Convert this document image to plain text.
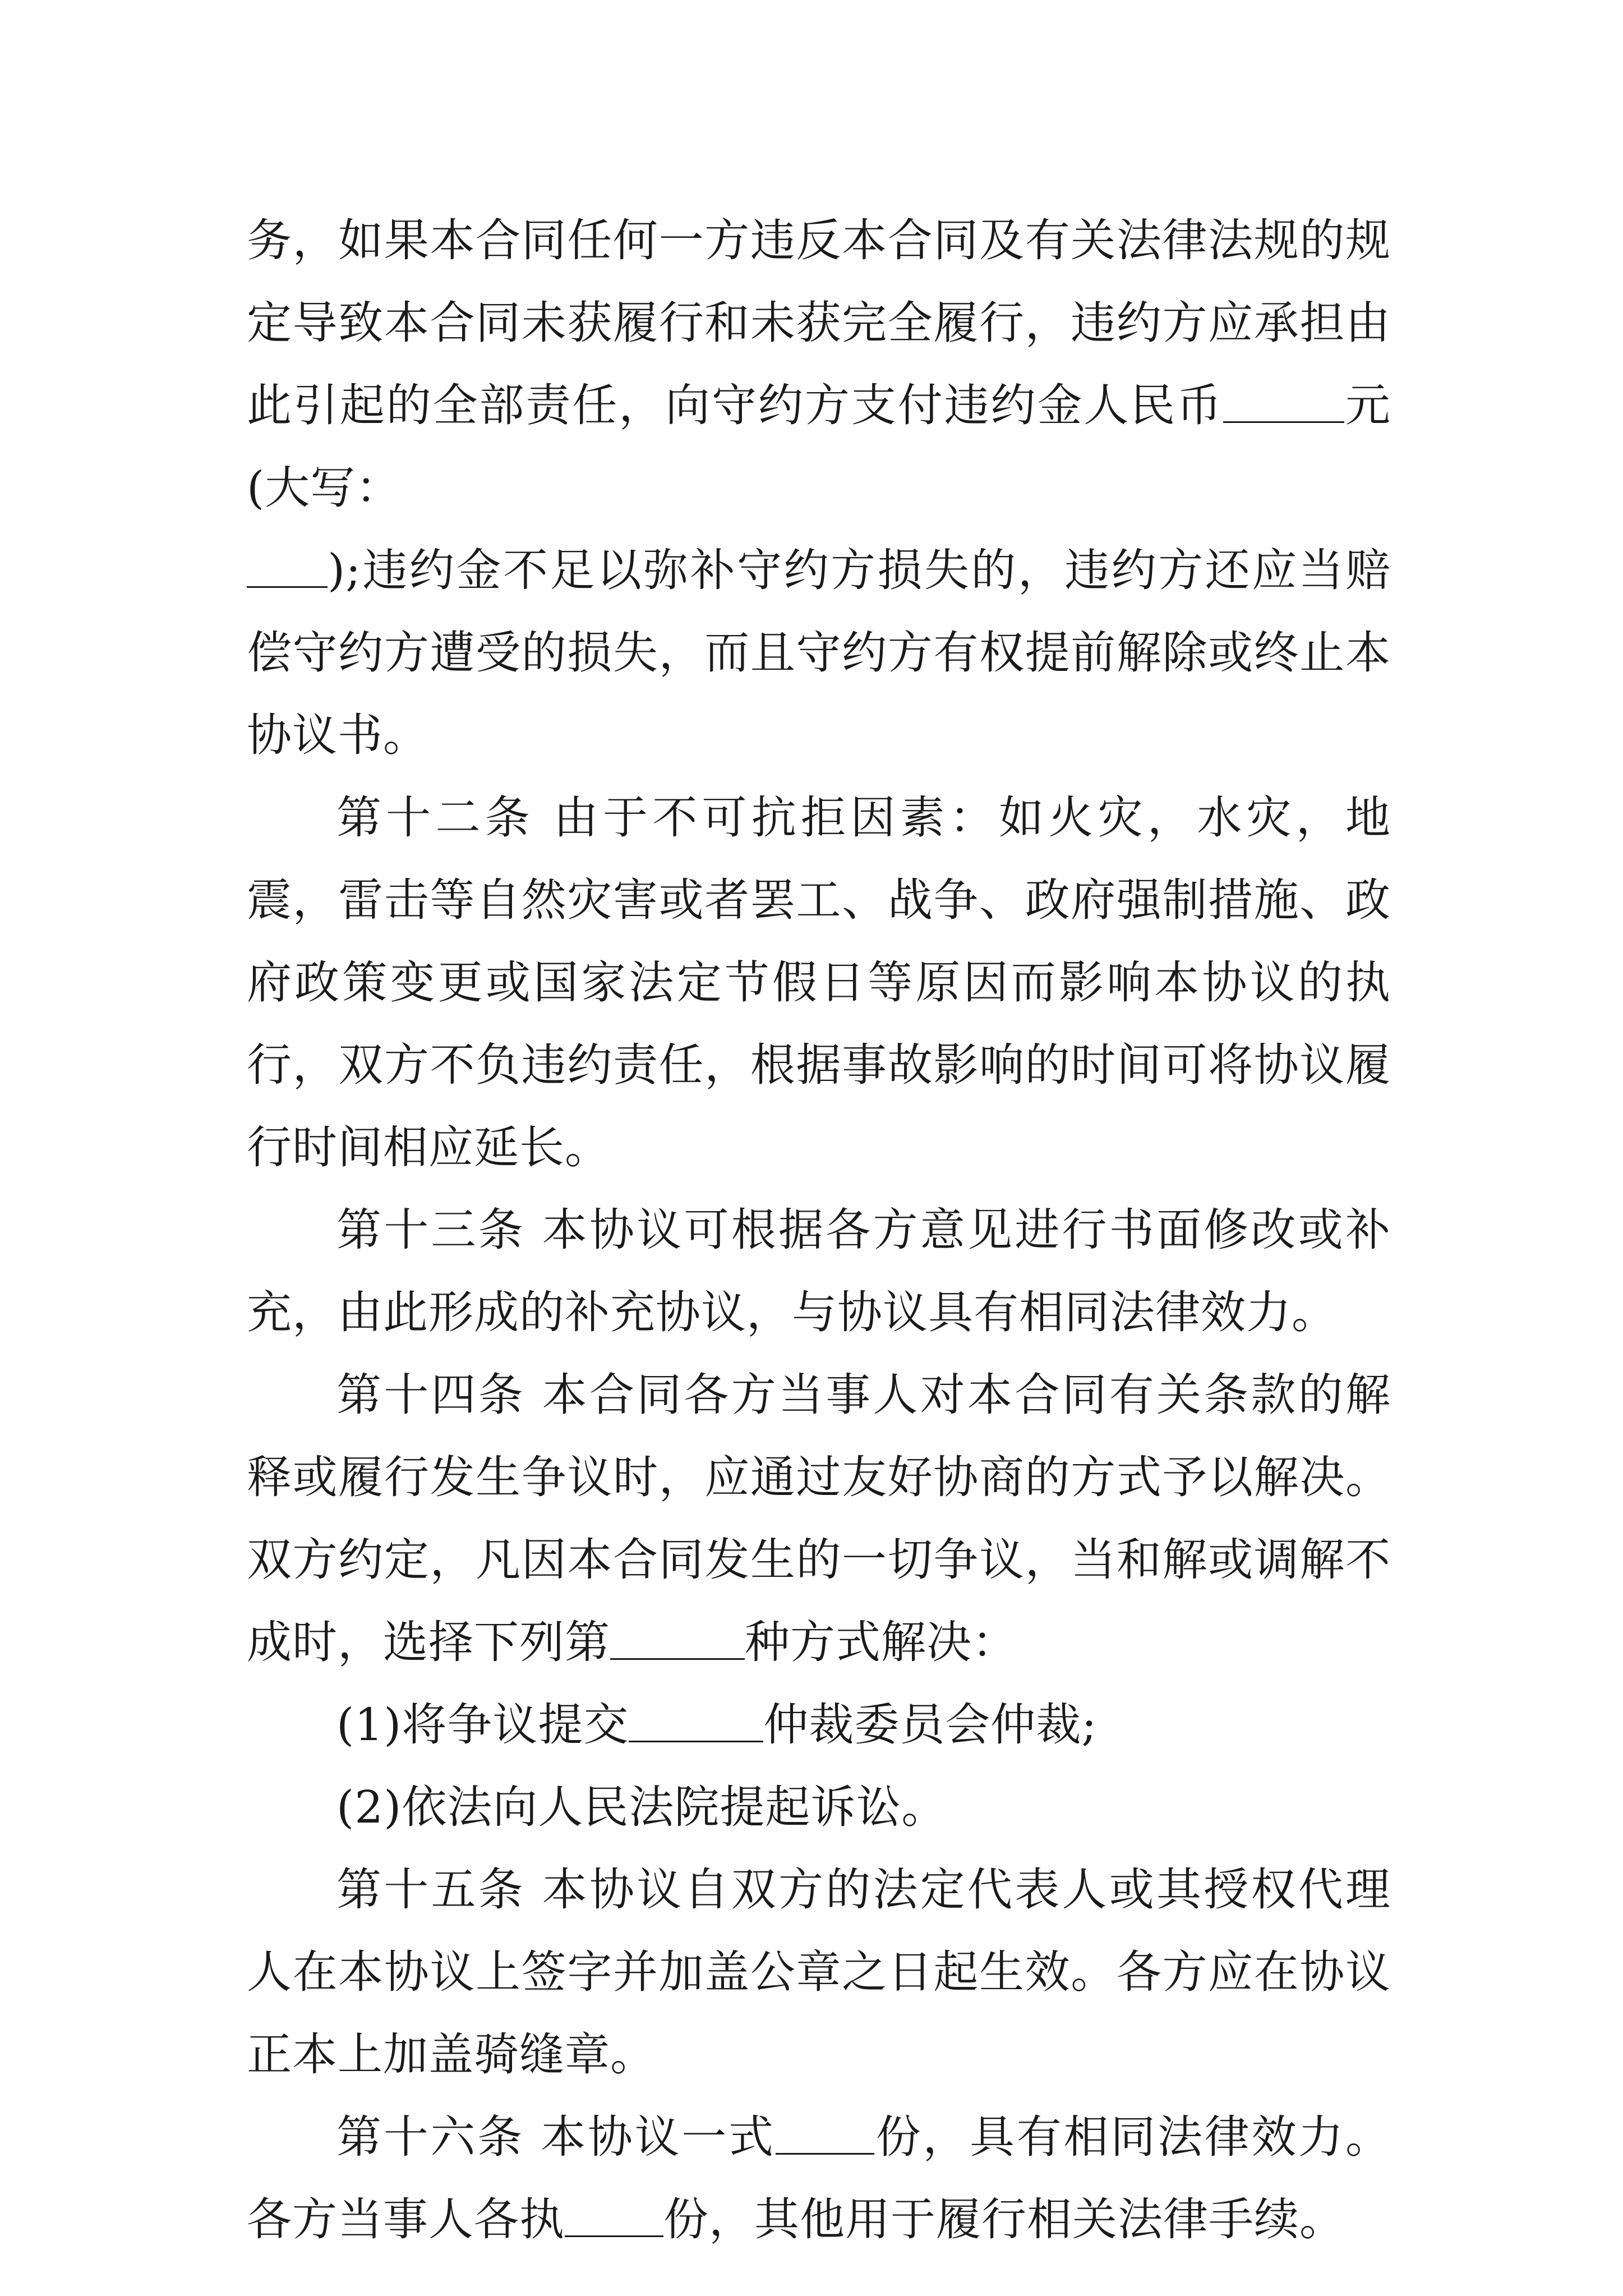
务，如果本合同任何一方违反本合同及有关法律法规的规定导致本合同未获履行和未获完全履行，违约方应承担由此引起的全部责任，向守约方支付违约金人民币	元(大写：
);违约金不足以弥补守约方损失的，违约方还应当赔偿守约方遭受的损失，而且守约方有权提前解除或终止本协议书。

第十二条 由于不可抗拒因素：如火灾，水灾，地震，雷击等自然灾害或者罢工、战争、政府强制措施、政府政策变更或国家法定节假日等原因而影响本协议的执行，双方不负违约责任，根据事故影响的时间可将协议履行时间相应延长。

第十三条 本协议可根据各方意见进行书面修改或补充，由此形成的补充协议，与协议具有相同法律效力。

第十四条 本合同各方当事人对本合同有关条款的解释或履行发生争议时，应通过友好协商的方式予以解决。双方约定，凡因本合同发生的一切争议，当和解或调解不成时，选择下列第	种方式解决：

(1)将争议提交	仲裁委员会仲裁;

(2)依法向人民法院提起诉讼。

第十五条 本协议自双方的法定代表人或其授权代理人在本协议上签字并加盖公章之日起生效。各方应在协议正本上加盖骑缝章。

第十六条 本协议一式 份，具有相同法律效力。各方当事人各执 份，其他用于履行相关法律手续。
